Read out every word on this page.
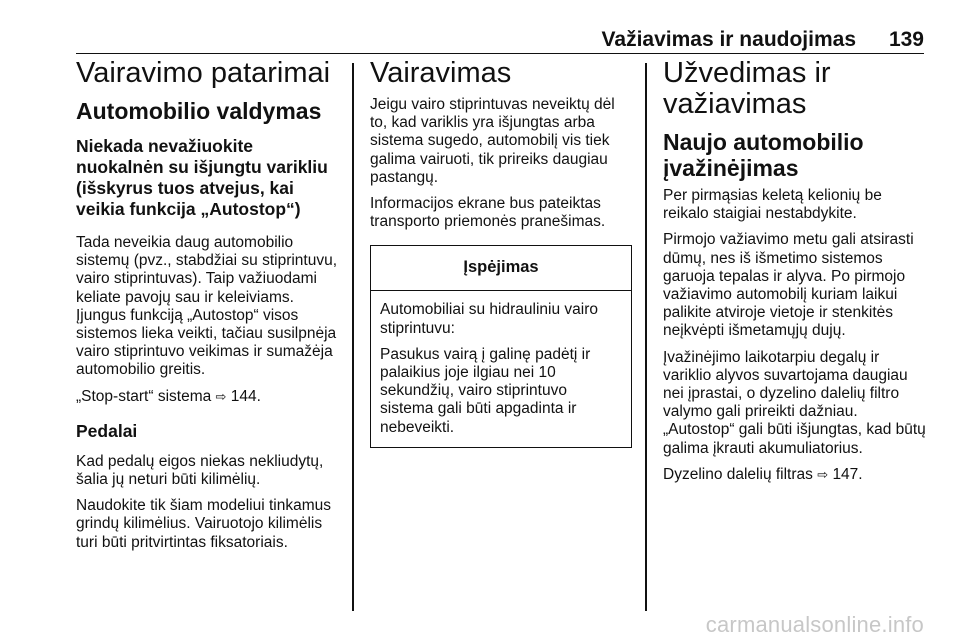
Važiavimas ir naudojimas 139
Vairavimo patarimai
Automobilio valdymas
Niekada nevažiuokite nuokalnėn su išjungtu varikliu (išskyrus tuos atvejus, kai veikia funkcija „Autostop“)

Tada neveikia daug automobilio sistemų (pvz., stabdžiai su stiprintuvu, vairo stiprintuvas). Taip važiuodami keliate pavojų sau ir keleiviams. Įjungus funkciją „Autostop“ visos sistemos lieka veikti, tačiau susilpnėja vairo stiprintuvo veikimas ir sumažėja automobilio greitis.

„Stop-start“ sistema ⇨ 144.

Pedalai

Kad pedalų eigos niekas nekliudytų, šalia jų neturi būti kilimėlių.

Naudokite tik šiam modeliui tinkamus grindų kilimėlius. Vairuotojo kilimėlis turi būti pritvirtintas fiksatoriais.

Vairavimas

Jeigu vairo stiprintuvas neveiktų dėl to, kad variklis yra išjungtas arba sistema sugedo, automobilį vis tiek galima vairuoti, tik prireiks daugiau pastangų.

Informacijos ekrane bus pateiktas transporto priemonės pranešimas.

Įspėjimas

Automobiliai su hidrauliniu vairo stiprintuvu:

Pasukus vairą į galinę padėtį ir palaikius joje ilgiau nei 10 sekundžių, vairo stiprintuvo sistema gali būti apgadinta ir nebeveikti.

Užvedimas ir važiavimas
Naujo automobilio įvažinėjimas

Per pirmąsias keletą kelionių be reikalo staigiai nestabdykite.

Pirmojo važiavimo metu gali atsirasti dūmų, nes iš išmetimo sistemos garuoja tepalas ir alyva. Po pirmojo važiavimo automobilį kuriam laikui palikite atviroje vietoje ir stenkitės neįkvėpti išmetamųjų dujų.

Įvažinėjimo laikotarpiu degalų ir variklio alyvos suvartojama daugiau nei įprastai, o dyzelino dalelių filtro valymo gali prireikti dažniau. „Autostop“ gali būti išjungtas, kad būtų galima įkrauti akumuliatorius.

Dyzelino dalelių filtras ⇨ 147.

carmanualsonline.info
